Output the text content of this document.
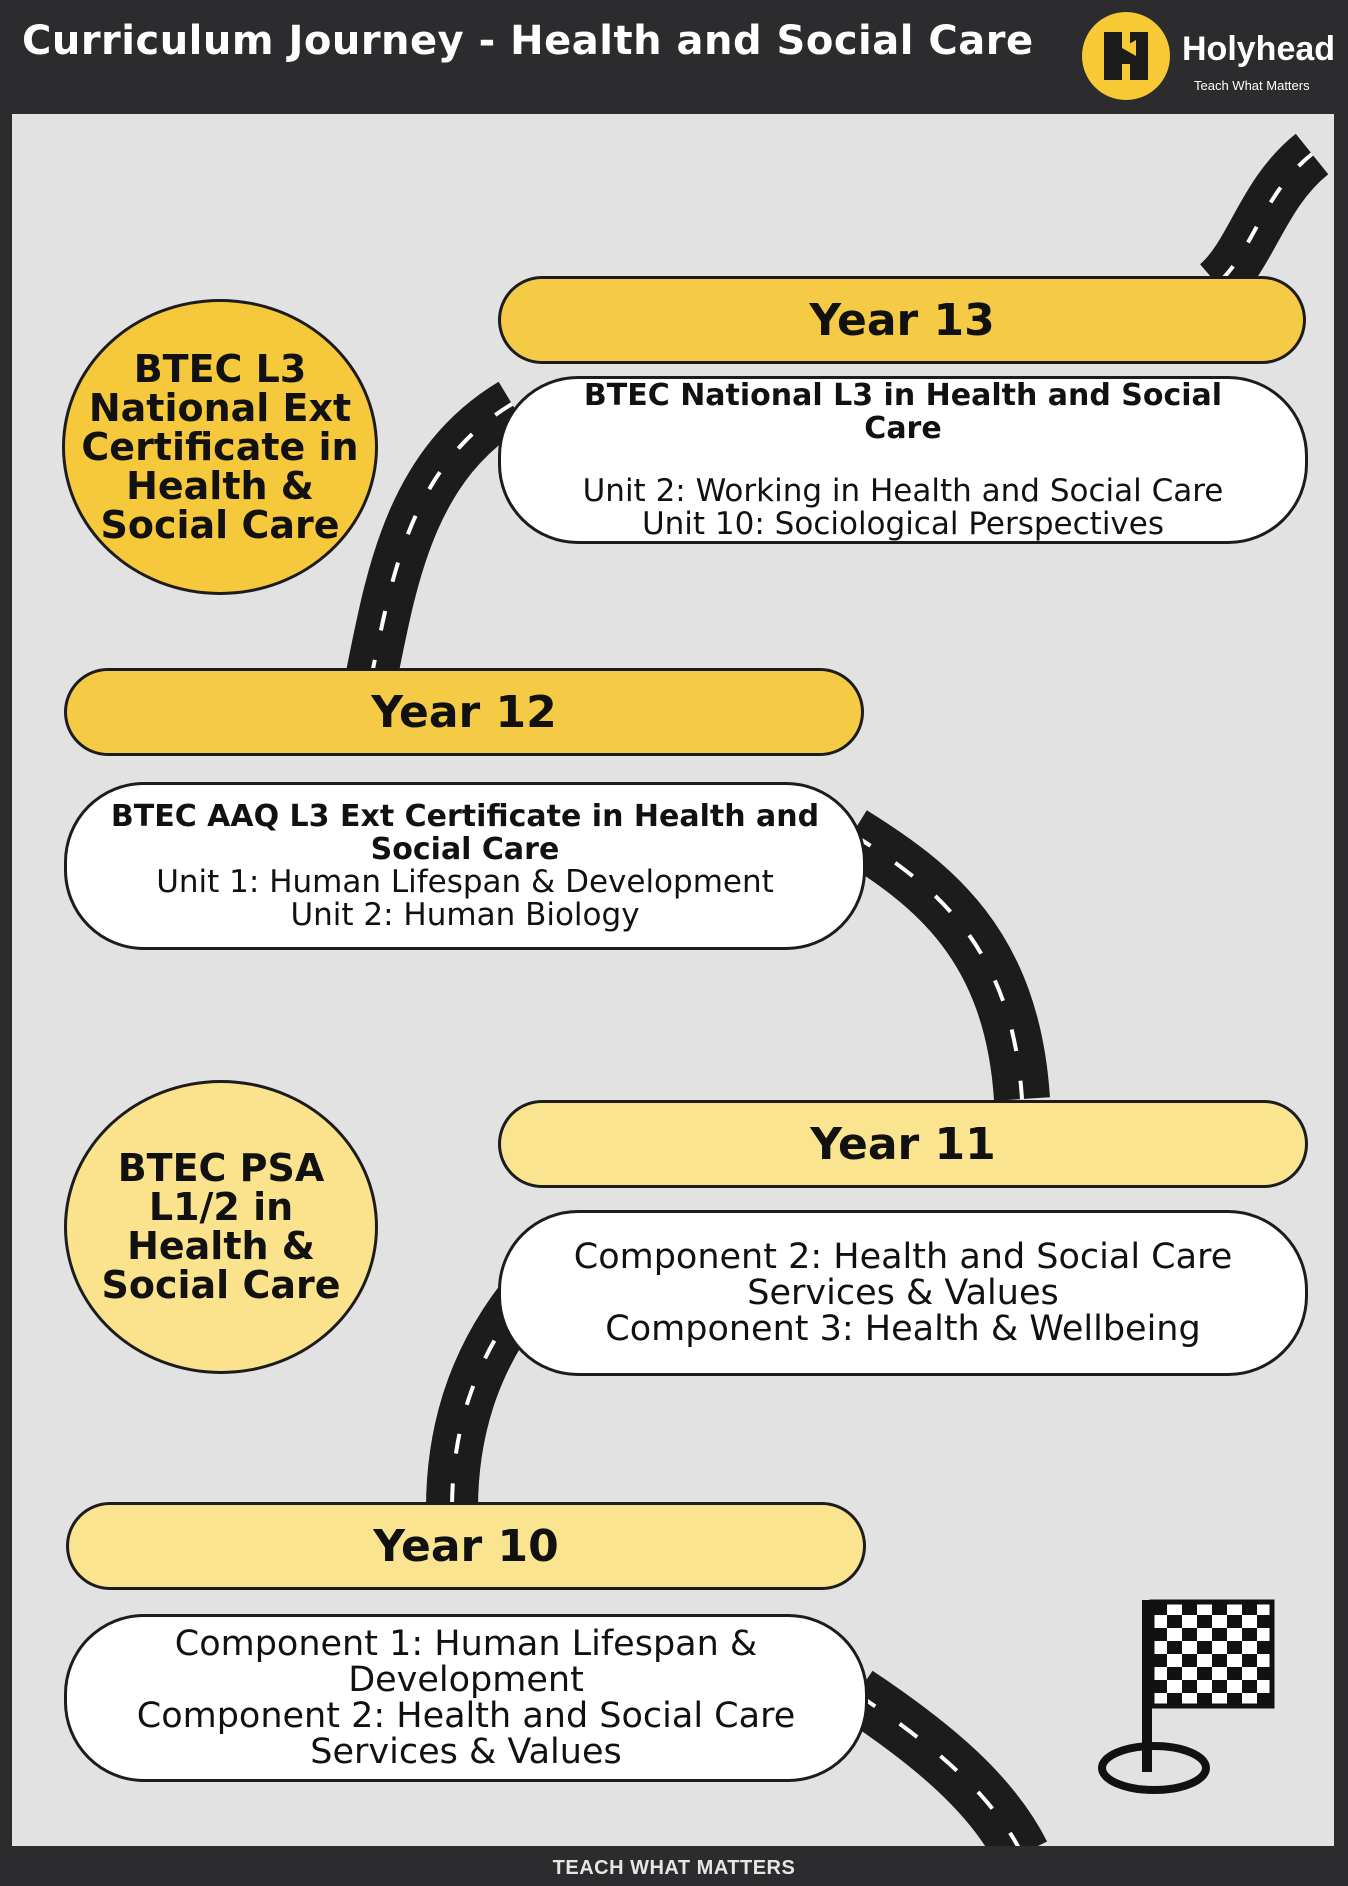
Curriculum Journey - Health and Social Care	Holyhead
Teach What Matters
Year 13
BTEC National L3 in Health and Social Care
Unit 2: Working in Health and Social Care
Unit 10: Sociological Perspectives
BTEC L3 National Ext Certificate in Health & Social Care
Year 12
BTEC AAQ L3 Ext Certificate in Health and Social Care
Unit 1: Human Lifespan & Development
Unit 2: Human Biology
Year 11
Component 2: Health and Social Care Services & Values
Component 3: Health & Wellbeing
BTEC PSA L1/2 in Health & Social Care
Year 10
Component 1: Human Lifespan & Development
Component 2: Health and Social Care Services & Values
TEACH WHAT MATTERS
